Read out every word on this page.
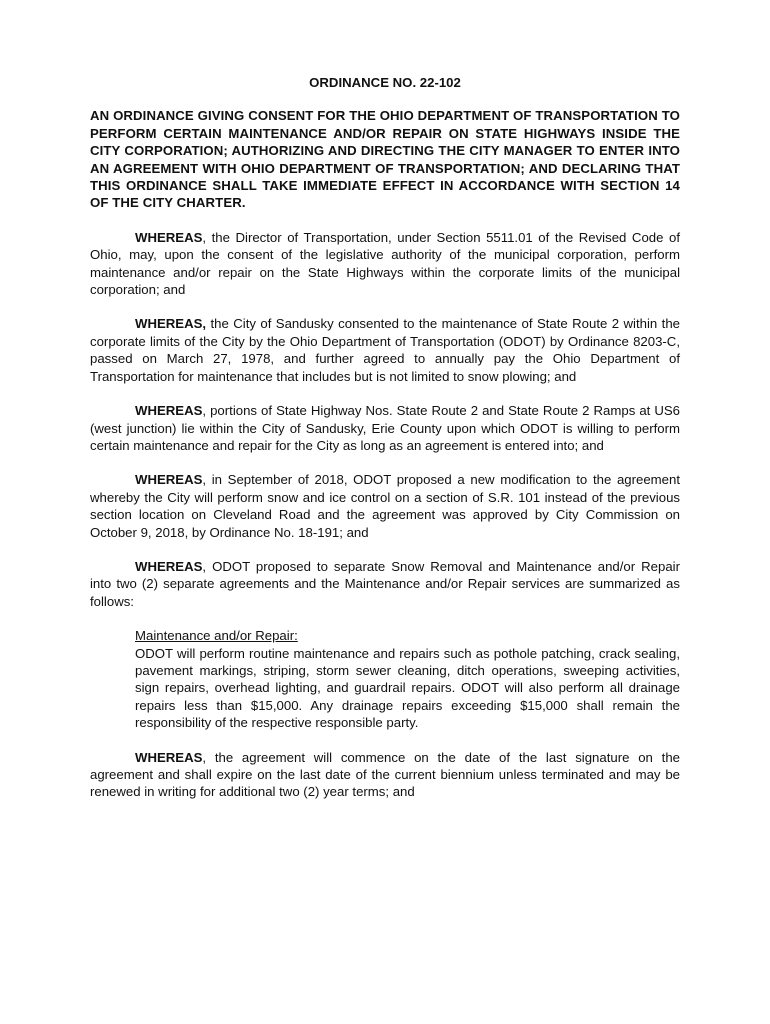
ORDINANCE NO. 22-102
AN ORDINANCE GIVING CONSENT FOR THE OHIO DEPARTMENT OF TRANSPORTATION TO PERFORM CERTAIN MAINTENANCE AND/OR REPAIR ON STATE HIGHWAYS INSIDE THE CITY CORPORATION; AUTHORIZING AND DIRECTING THE CITY MANAGER TO ENTER INTO AN AGREEMENT WITH OHIO DEPARTMENT OF TRANSPORTATION; AND DECLARING THAT THIS ORDINANCE SHALL TAKE IMMEDIATE EFFECT IN ACCORDANCE WITH SECTION 14 OF THE CITY CHARTER.

WHEREAS, the Director of Transportation, under Section 5511.01 of the Revised Code of Ohio, may, upon the consent of the legislative authority of the municipal corporation, perform maintenance and/or repair on the State Highways within the corporate limits of the municipal corporation; and

WHEREAS, the City of Sandusky consented to the maintenance of State Route 2 within the corporate limits of the City by the Ohio Department of Transportation (ODOT) by Ordinance 8203-C, passed on March 27, 1978, and further agreed to annually pay the Ohio Department of Transportation for maintenance that includes but is not limited to snow plowing; and

WHEREAS, portions of State Highway Nos. State Route 2 and State Route 2 Ramps at US6 (west junction) lie within the City of Sandusky, Erie County upon which ODOT is willing to perform certain maintenance and repair for the City as long as an agreement is entered into; and

WHEREAS, in September of 2018, ODOT proposed a new modification to the agreement whereby the City will perform snow and ice control on a section of S.R. 101 instead of the previous section location on Cleveland Road and the agreement was approved by City Commission on October 9, 2018, by Ordinance No. 18-191; and

WHEREAS, ODOT proposed to separate Snow Removal and Maintenance and/or Repair into two (2) separate agreements and the Maintenance and/or Repair services are summarized as follows:

Maintenance and/or Repair:
ODOT will perform routine maintenance and repairs such as pothole patching, crack sealing, pavement markings, striping, storm sewer cleaning, ditch operations, sweeping activities, sign repairs, overhead lighting, and guardrail repairs. ODOT will also perform all drainage repairs less than $15,000. Any drainage repairs exceeding $15,000 shall remain the responsibility of the respective responsible party.

WHEREAS, the agreement will commence on the date of the last signature on the agreement and shall expire on the last date of the current biennium unless terminated and may be renewed in writing for additional two (2) year terms; and
